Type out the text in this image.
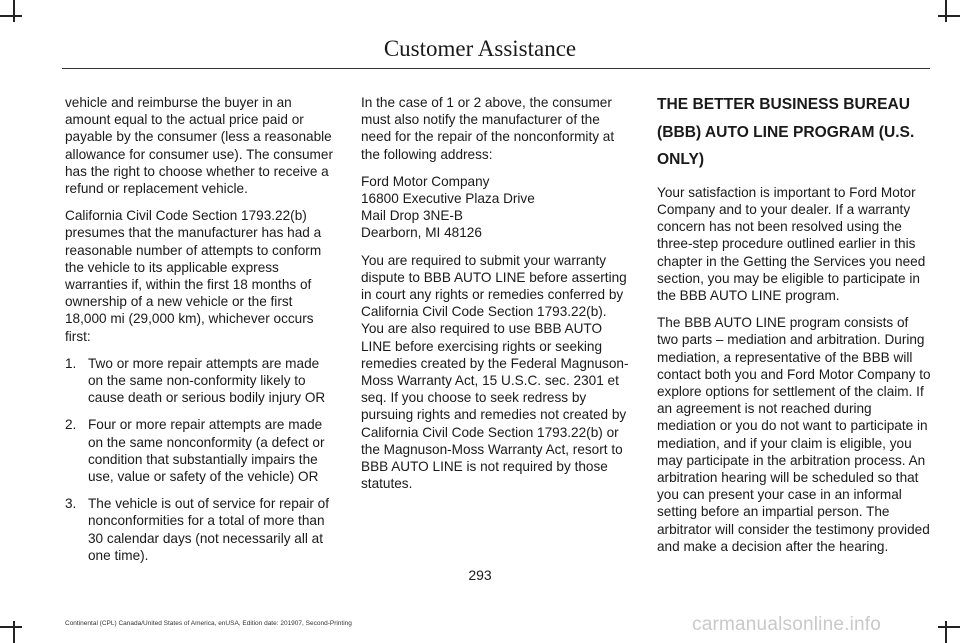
Customer Assistance

vehicle and reimburse the buyer in an amount equal to the actual price paid or payable by the consumer (less a reasonable allowance for consumer use). The consumer has the right to choose whether to receive a refund or replacement vehicle.

California Civil Code Section 1793.22(b) presumes that the manufacturer has had a reasonable number of attempts to conform the vehicle to its applicable express warranties if, within the first 18 months of ownership of a new vehicle or the first 18,000 mi (29,000 km), whichever occurs first:

1. Two or more repair attempts are made on the same non-conformity likely to cause death or serious bodily injury OR
2. Four or more repair attempts are made on the same nonconformity (a defect or condition that substantially impairs the use, value or safety of the vehicle) OR
3. The vehicle is out of service for repair of nonconformities for a total of more than 30 calendar days (not necessarily all at one time).

In the case of 1 or 2 above, the consumer must also notify the manufacturer of the need for the repair of the nonconformity at the following address:

Ford Motor Company
16800 Executive Plaza Drive
Mail Drop 3NE-B
Dearborn, MI 48126

You are required to submit your warranty dispute to BBB AUTO LINE before asserting in court any rights or remedies conferred by California Civil Code Section 1793.22(b). You are also required to use BBB AUTO LINE before exercising rights or seeking remedies created by the Federal Magnuson-Moss Warranty Act, 15 U.S.C. sec. 2301 et seq. If you choose to seek redress by pursuing rights and remedies not created by California Civil Code Section 1793.22(b) or the Magnuson-Moss Warranty Act, resort to BBB AUTO LINE is not required by those statutes.

THE BETTER BUSINESS BUREAU
(BBB) AUTO LINE PROGRAM (U.S.
ONLY)

Your satisfaction is important to Ford Motor Company and to your dealer. If a warranty concern has not been resolved using the three-step procedure outlined earlier in this chapter in the Getting the Services you need section, you may be eligible to participate in the BBB AUTO LINE program.

The BBB AUTO LINE program consists of two parts – mediation and arbitration. During mediation, a representative of the BBB will contact both you and Ford Motor Company to explore options for settlement of the claim. If an agreement is not reached during mediation or you do not want to participate in mediation, and if your claim is eligible, you may participate in the arbitration process. An arbitration hearing will be scheduled so that you can present your case in an informal setting before an impartial person. The arbitrator will consider the testimony provided and make a decision after the hearing.

293
Continental (CPL) Canada/United States of America, enUSA, Edition date: 201907, Second-Printing	carmanualsonline.info
